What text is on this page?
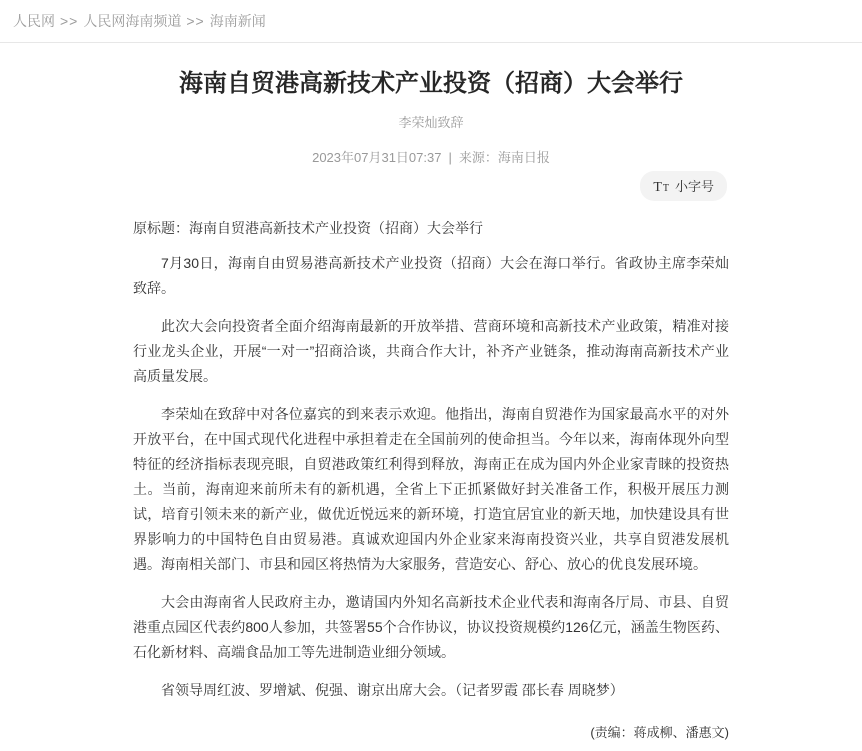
人民网 >> 人民网海南频道 >> 海南新闻
海南自贸港高新技术产业投资（招商）大会举行
李荣灿致辞
2023年07月31日07:37 | 来源：海南日报
T T 小字号
原标题：海南自贸港高新技术产业投资（招商）大会举行

7月30日，海南自由贸易港高新技术产业投资（招商）大会在海口举行。省政协主席李荣灿致辞。

此次大会向投资者全面介绍海南最新的开放举措、营商环境和高新技术产业政策，精准对接行业龙头企业，开展“一对一”招商洽谈，共商合作大计，补齐产业链条，推动海南高新技术产业高质量发展。

李荣灿在致辞中对各位嘉宾的到来表示欢迎。他指出，海南自贸港作为国家最高水平的对外开放平台，在中国式现代化进程中承担着走在全国前列的使命担当。今年以来，海南体现外向型特征的经济指标表现亮眼，自贸港政策红利得到释放，海南正在成为国内外企业家青睐的投资热土。当前，海南迎来前所未有的新机遇，全省上下正抓紧做好封关准备工作，积极开展压力测试，培育引领未来的新产业，做优近悦远来的新环境，打造宜居宜业的新天地，加快建设具有世界影响力的中国特色自由贸易港。真诚欢迎国内外企业家来海南投资兴业，共享自贸港发展机遇。海南相关部门、市县和园区将热情为大家服务，营造安心、舒心、放心的优良发展环境。

大会由海南省人民政府主办，邀请国内外知名高新技术企业代表和海南各厅局、市县、自贸港重点园区代表约800人参加，共签署55个合作协议，协议投资规模约126亿元，涵盖生物医药、石化新材料、高端食品加工等先进制造业细分领域。

省领导周红波、罗增斌、倪强、谢京出席大会。（记者罗霞 邵长春 周晓梦）

(责编：蒋成柳、潘惠文)
